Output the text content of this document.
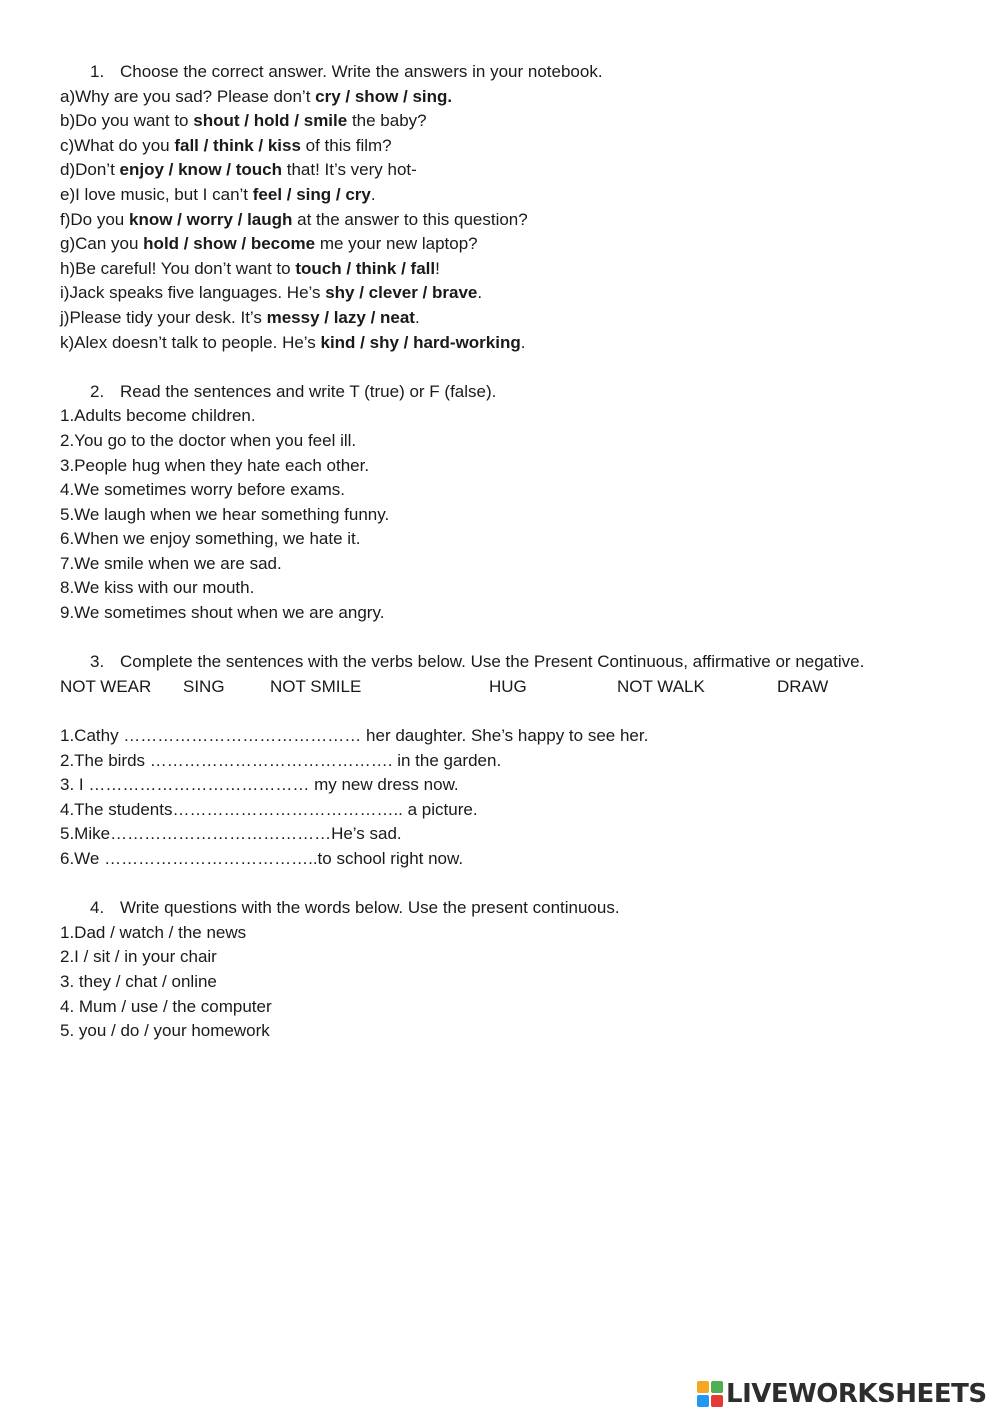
1. Choose the correct answer. Write the answers in your notebook.
a)Why are you sad? Please don’t cry / show / sing.
b)Do you want to shout / hold / smile the baby?
c)What do you fall / think / kiss of this film?
d)Don’t enjoy / know / touch that! It’s very hot-
e)I love music, but I can’t feel / sing / cry.
f)Do you know / worry / laugh at the answer to this question?
g)Can you hold / show / become me your new laptop?
h)Be careful! You don’t want to touch / think / fall!
i)Jack speaks five languages. He’s shy / clever / brave.
j)Please tidy your desk. It’s messy / lazy / neat.
k)Alex doesn’t talk to people. He’s kind / shy / hard-working.
2. Read the sentences and write T (true) or F (false).
1.Adults become children.
2.You go to the doctor when you feel ill.
3.People hug when they hate each other.
4.We sometimes worry before exams.
5.We laugh when we hear something funny.
6.When we enjoy something, we hate it.
7.We smile when we are sad.
8.We kiss with our mouth.
9.We sometimes shout when we are angry.
3. Complete the sentences with the verbs below. Use the Present Continuous, affirmative or negative.
NOT WEAR SING	NOT SMILE	HUG	NOT WALK	DRAW
1.Cathy …………………………………… her daughter. She’s happy to see her.
2.The birds ……………………………………. in the garden.
3. I ………………………………… my new dress now.
4.The students………………………………….. a picture.
5.Mike…………………………………He’s sad.
6.We ………………………………..to school right now.
4. Write questions with the words below. Use the present continuous.
1.Dad / watch / the news
2.I / sit / in your chair
3. they / chat / online
4. Mum / use / the computer
5. you / do / your homework
LIVEWORKSHEETS
